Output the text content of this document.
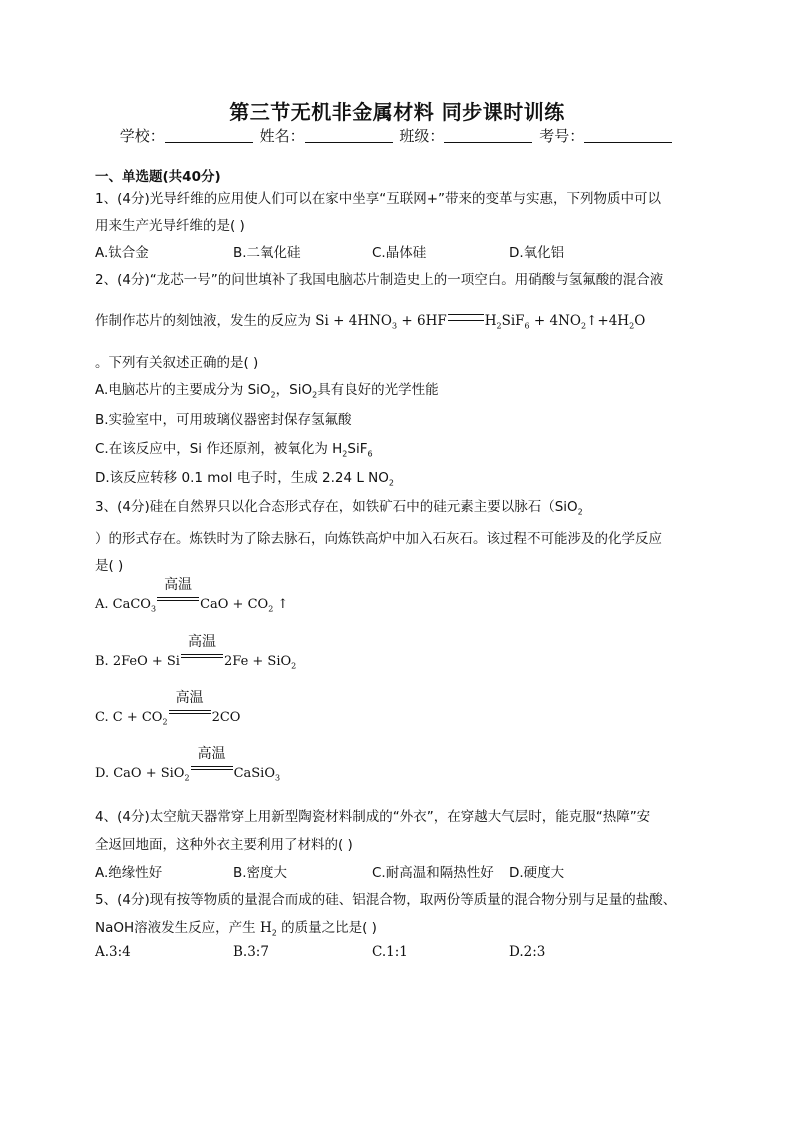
第三节无机非金属材料 同步课时训练
学校：	姓名：	班级：	考号：
一、单选题(共40分)
1、(4分)光导纤维的应用使人们可以在家中坐享“互联网+”带来的变革与实惠，下列物质中可以
用来生产光导纤维的是( )
A.钛合金	B.二氧化硅	C.晶体硅	D.氧化铝
2、(4分)“龙芯一号”的问世填补了我国电脑芯片制造史上的一项空白。用硝酸与氢氟酸的混合液
作制作芯片的刻蚀液，发生的反应为 $Si + 4HNO_3 + 6HF$	$H_2SiF_6$ + $4NO_2↑+4H_2O$
。下列有关叙述正确的是( )
A.电脑芯片的主要成分为 SiO$_2$，SiO$_2$具有良好的光学性能
B.实验室中，可用玻璃仪器密封保存氢氟酸
C.在该反应中，Si 作还原剂，被氧化为 $H_2SiF_6$
D.该反应转移 0.1 mol 电子时，生成 2.24 L $NO_2$
3、(4分)硅在自然界只以化合态形式存在，如铁矿石中的硅元素主要以脉石（SiO$_2$
）的形式存在。炼铁时为了除去脉石，向炼铁高炉中加入石灰石。该过程不可能涉及的化学反应
是( )
A. CaCO$_3$
高温
CaO + $CO_2$ ↑
B. 2FeO + Si
高温
2Fe + SiO$_2$
C. $C + CO_2$
高温
2CO
D. CaO + SiO$_2$
高温
CaSiO$_3$
4、(4分)太空航天器常穿上用新型陶瓷材料制成的“外衣”，在穿越大气层时，能克服“热障”安
全返回地面，这种外衣主要利用了材料的( )
A.绝缘性好	B.密度大	C.耐高温和隔热性好 D.硬度大
5、(4分)现有按等物质的量混合而成的硅、铝混合物，取两份等质量的混合物分别与足量的盐酸、
NaOH溶液发生反应，产生 $H_2$ 的质量之比是( )
A.3:4	B.3:7	C.1:1	D.2:3
